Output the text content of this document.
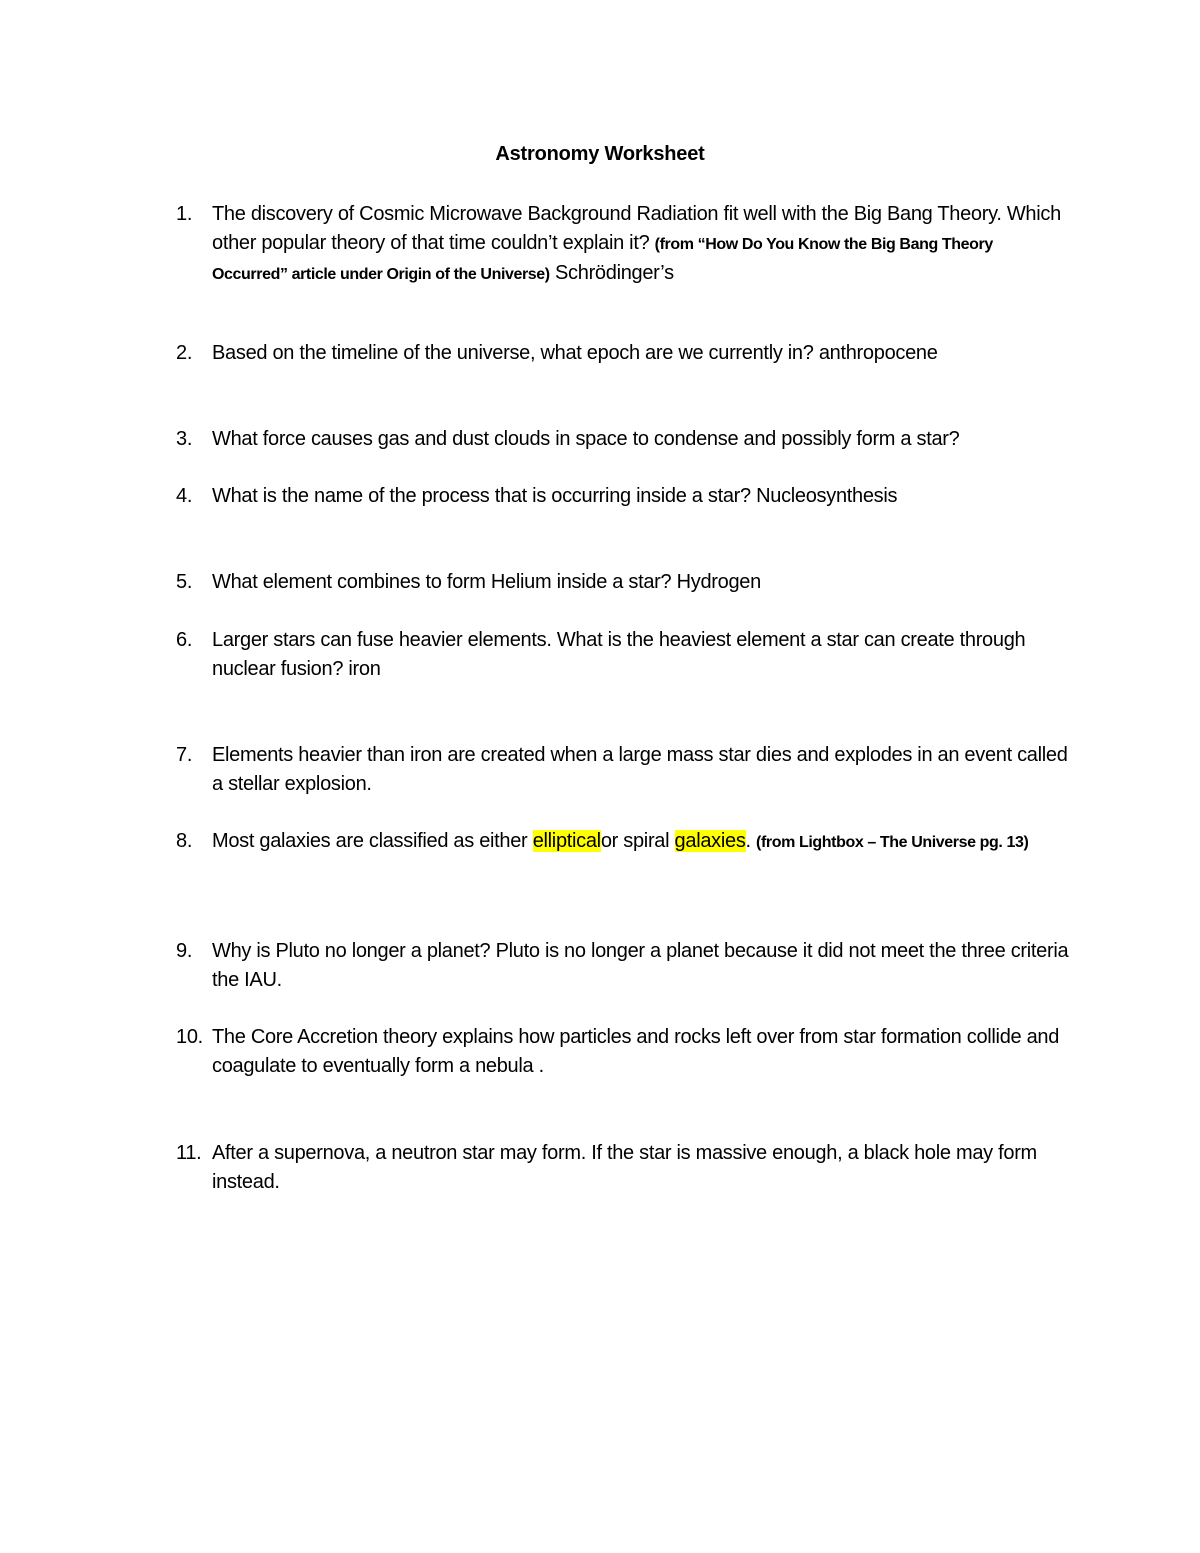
Astronomy Worksheet
1. The discovery of Cosmic Microwave Background Radiation fit well with the Big Bang Theory. Which other popular theory of that time couldn’t explain it? (from “How Do You Know the Big Bang Theory Occurred” article under Origin of the Universe) Schrödinger’s
2. Based on the timeline of the universe, what epoch are we currently in? anthropocene
3. What force causes gas and dust clouds in space to condense and possibly form a star?
4. What is the name of the process that is occurring inside a star? Nucleosynthesis
5. What element combines to form Helium inside a star? Hydrogen
6. Larger stars can fuse heavier elements. What is the heaviest element a star can create through nuclear fusion? iron
7. Elements heavier than iron are created when a large mass star dies and explodes in an event called a stellar explosion.
8. Most galaxies are classified as either ellipticalor spiral galaxies. (from Lightbox – The Universe pg. 13)
9. Why is Pluto no longer a planet? Pluto is no longer a planet because it did not meet the three criteria the IAU.
10. The Core Accretion theory explains how particles and rocks left over from star formation collide and coagulate to eventually form a nebula .
11. After a supernova, a neutron star may form. If the star is massive enough, a black hole may form instead.
